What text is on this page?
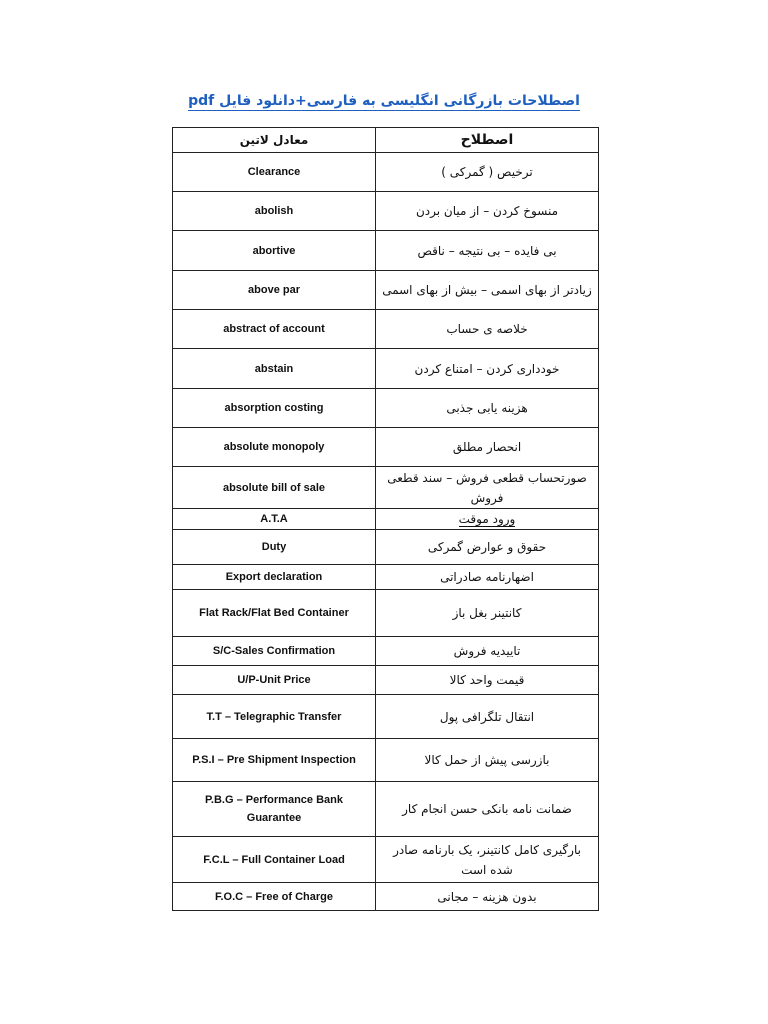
اصطلاحات بازرگانی انگلیسی به فارسی+دانلود فایل pdf
معادل لاتین	اصطلاح
Clearance	ترخیص ( گمرکی )
abolish	منسوخ کردن – از میان بردن
abortive	بی فایده – بی نتیجه – ناقص
above par	زیادتر از بهای اسمی – بیش از بهای اسمی
abstract of account	خلاصه ی حساب
abstain	خودداری کردن – امتناع کردن
absorption costing	هزینه یابی جذبی
absolute monopoly	انحصار مطلق
absolute bill of sale	صورتحساب قطعی فروش – سند قطعی فروش
A.T.A	ورود موقت
Duty	حقوق و عوارض گمرکی
Export declaration	اضهارنامه صادراتی
Flat Rack/Flat Bed Container	کانتینر بغل باز
S/C-Sales Confirmation	تاییدیه فروش
U/P-Unit Price	قیمت واحد کالا
T.T – Telegraphic Transfer	انتقال تلگرافی پول
P.S.I – Pre Shipment Inspection	بازرسی پیش از حمل کالا
P.B.G – Performance Bank Guarantee	ضمانت نامه بانکی حسن انجام کار
F.C.L – Full Container Load	بارگیری کامل کانتینر، یک بارنامه صادر شده است
F.O.C – Free of Charge	بدون هزینه – مجانی
